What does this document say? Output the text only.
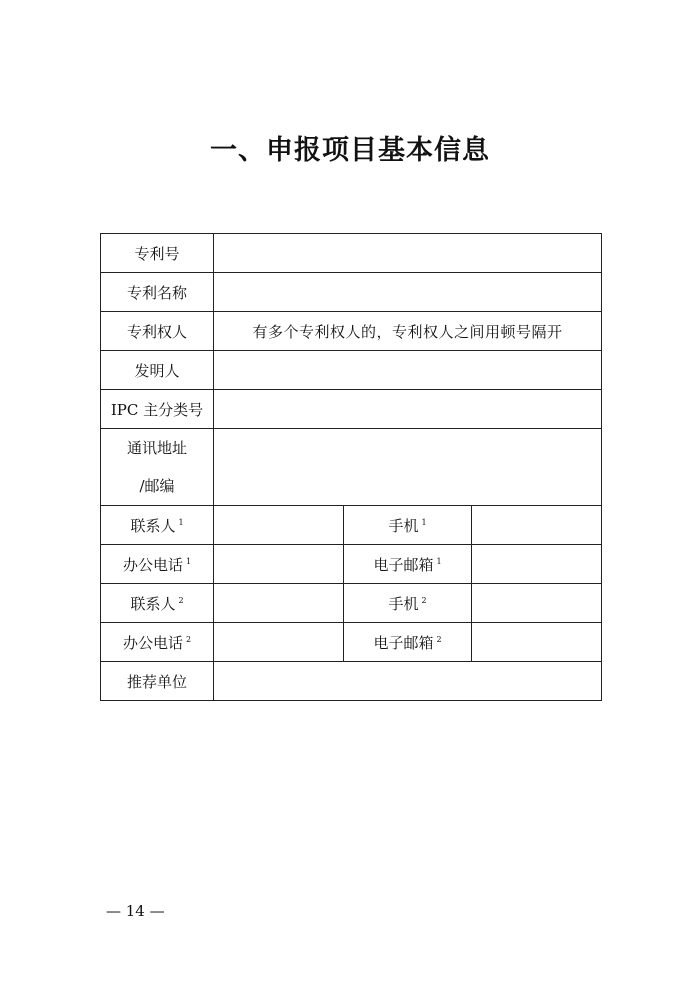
一、申报项目基本信息
专利号			
专利名称			
专利权人	有多个专利权人的，专利权人之间用顿号隔开		
发明人			
IPC 主分类号			

通讯地址
/邮编			

联系人 $^1$		手机 $^1$	
办公电话 $^1$		电子邮箱 $^1$	
联系人 $^2$		手机 $^2$	
办公电话 $^2$		电子邮箱 $^2$	
推荐单位			
— 14 —
